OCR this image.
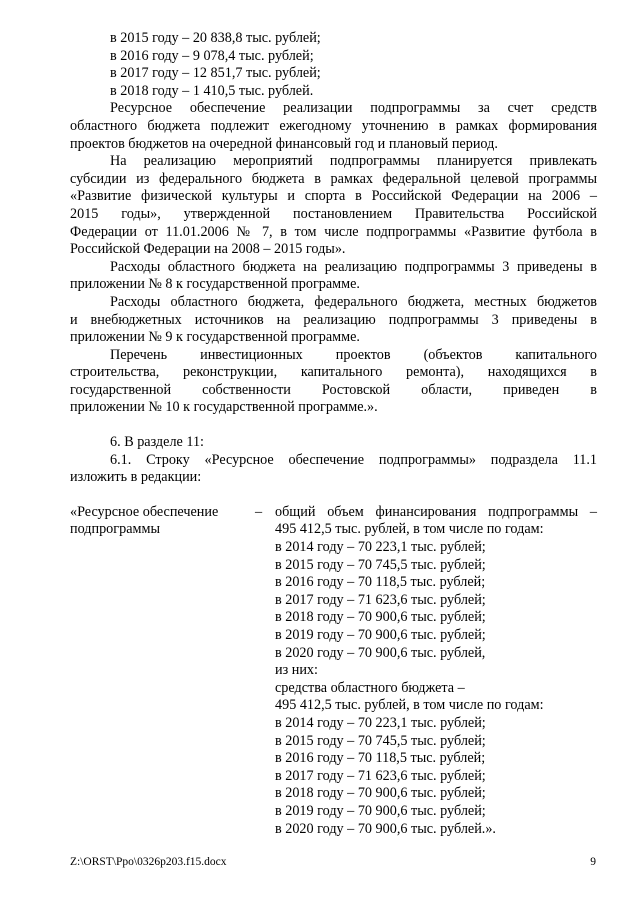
в 2015 году – 20 838,8 тыс. рублей;
в 2016 году – 9 078,4 тыс. рублей;
в 2017 году – 12 851,7 тыс. рублей;
в 2018 году – 1 410,5 тыс. рублей.
Ресурсное обеспечение реализации подпрограммы за счет средств
областного бюджета подлежит ежегодному уточнению в рамках формирования
проектов бюджетов на очередной финансовый год и плановый период.
На реализацию мероприятий подпрограммы планируется привлекать
субсидии из федерального бюджета в рамках федеральной целевой программы
«Развитие физической культуры и спорта в Российской Федерации на 2006 –
2015 годы», утвержденной постановлением Правительства Российской
Федерации от 11.01.2006 № 7, в том числе подпрограммы «Развитие футбола в
Российской Федерации на 2008 – 2015 годы».
Расходы областного бюджета на реализацию подпрограммы 3 приведены в
приложении № 8 к государственной программе.
Расходы областного бюджета, федерального бюджета, местных бюджетов
и внебюджетных источников на реализацию подпрограммы 3 приведены в
приложении № 9 к государственной программе.
Перечень инвестиционных проектов (объектов капитального
строительства, реконструкции, капитального ремонта), находящихся в
государственной собственности Ростовской области, приведен в
приложении № 10 к государственной программе.».
6. В разделе 11:
6.1. Строку «Ресурсное обеспечение подпрограммы» подраздела 11.1
изложить в редакции:
«Ресурсное обеспечение
подпрограммы
– общий объем финансирования подпрограммы –
495 412,5 тыс. рублей, в том числе по годам:
в 2014 году – 70 223,1 тыс. рублей;
в 2015 году – 70 745,5 тыс. рублей;
в 2016 году – 70 118,5 тыс. рублей;
в 2017 году – 71 623,6 тыс. рублей;
в 2018 году – 70 900,6 тыс. рублей;
в 2019 году – 70 900,6 тыс. рублей;
в 2020 году – 70 900,6 тыс. рублей,
из них:
средства областного бюджета –
495 412,5 тыс. рублей, в том числе по годам:
в 2014 году – 70 223,1 тыс. рублей;
в 2015 году – 70 745,5 тыс. рублей;
в 2016 году – 70 118,5 тыс. рублей;
в 2017 году – 71 623,6 тыс. рублей;
в 2018 году – 70 900,6 тыс. рублей;
в 2019 году – 70 900,6 тыс. рублей;
в 2020 году – 70 900,6 тыс. рублей.».
Z:\ORST\Ppo\0326p203.f15.docx	9
